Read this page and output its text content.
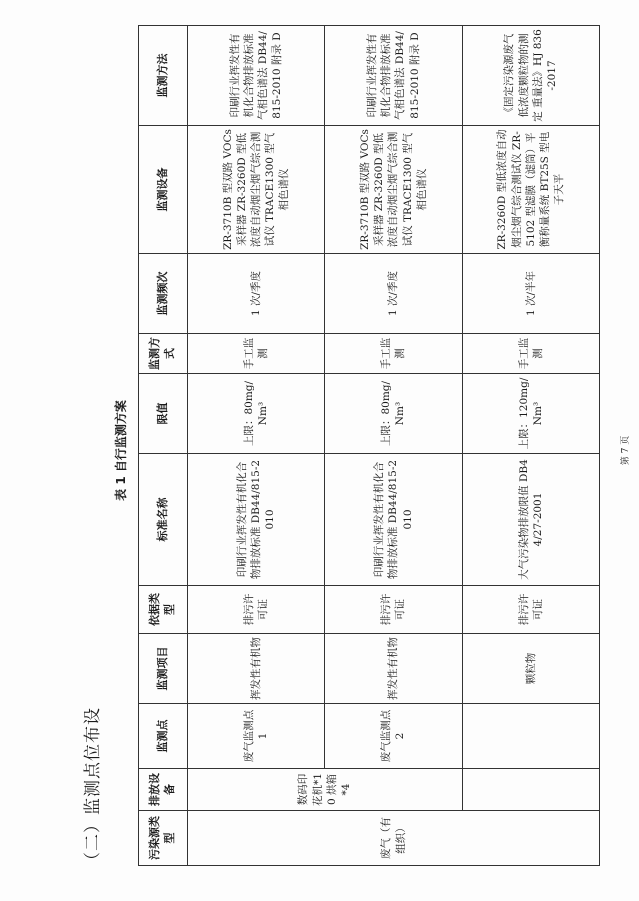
（二）监测点位布设
表 1 自行监测方案
污染源类型	排放设备	监测点	监测项目	依据类型	标准名称	限值	监测方式	监测频次	监测设备	监测方法
废气（有组织）	数码印花机*10 烘箱*4	废气监测点 1	挥发性有机物	排污许可证	印刷行业挥发性有机化合物排放标准 DB44/815-2010	上限：80mg/Nm³	手工监测	1 次/季度	ZR-3710B 型双路 VOCs 采样器 ZR-3260D 型低浓度自动烟尘烟气综合测试仪 TRACE1300 型气相色谱仪	印刷行业挥发性有机化合物排放标准气相色谱法 DB44/815-2010 附录 D
		废气监测点 2	挥发性有机物	排污许可证	印刷行业挥发性有机化合物排放标准 DB44/815-2010	上限：80mg/Nm³	手工监测	1 次/季度	ZR-3710B 型双路 VOCs 采样器 ZR-3260D 型低浓度自动烟尘烟气综合测试仪 TRACE1300 型气相色谱仪	印刷行业挥发性有机化合物排放标准气相色谱法 DB44/815-2010 附录 D
			颗粒物	排污许可证	大气污染物排放限值 DB44/27-2001	上限：120mg/Nm³	手工监测	1 次/半年	ZR-3260D 型低浓度自动烟尘烟气综合测试仪 ZR-5102 型滤膜（滤筒）平衡称量系统 BT25S 型电子天平	《固定污染源废气 低浓度颗粒物的测定 重量法》HJ 836-2017
第 7 页
